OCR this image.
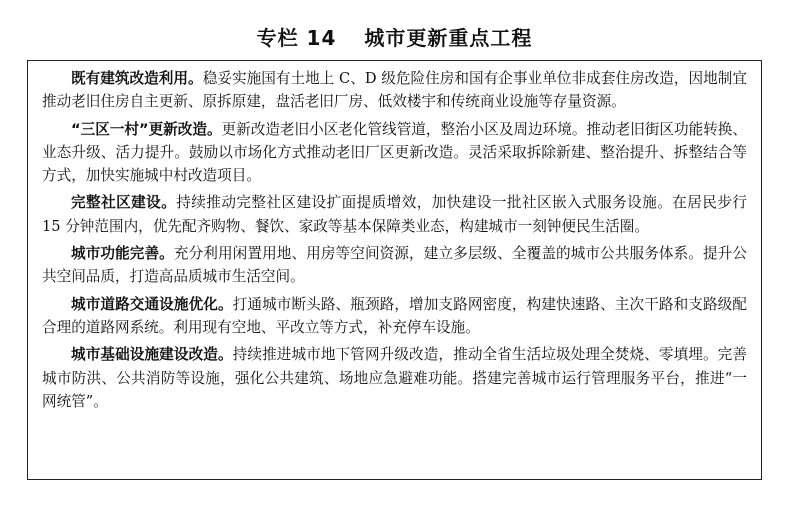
专栏 14 城市更新重点工程

既有建筑改造利用。稳妥实施国有土地上 C、D 级危险住房和国有企事业单位非成套住房改造，因地制宜推动老旧住房自主更新、原拆原建，盘活老旧厂房、低效楼宇和传统商业设施等存量资源。

“三区一村”更新改造。更新改造老旧小区老化管线管道，整治小区及周边环境。推动老旧街区功能转换、业态升级、活力提升。鼓励以市场化方式推动老旧厂区更新改造。灵活采取拆除新建、整治提升、拆整结合等方式，加快实施城中村改造项目。

完整社区建设。持续推动完整社区建设扩面提质增效，加快建设一批社区嵌入式服务设施。在居民步行 15 分钟范围内，优先配齐购物、餐饮、家政等基本保障类业态，构建城市一刻钟便民生活圈。

城市功能完善。充分利用闲置用地、用房等空间资源，建立多层级、全覆盖的城市公共服务体系。提升公共空间品质，打造高品质城市生活空间。

城市道路交通设施优化。打通城市断头路、瓶颈路，增加支路网密度，构建快速路、主次干路和支路级配合理的道路网系统。利用现有空地、平改立等方式，补充停车设施。

城市基础设施建设改造。持续推进城市地下管网升级改造，推动全省生活垃圾处理全焚烧、零填埋。完善城市防洪、公共消防等设施，强化公共建筑、场地应急避难功能。搭建完善城市运行管理服务平台，推进“一网统管”。
